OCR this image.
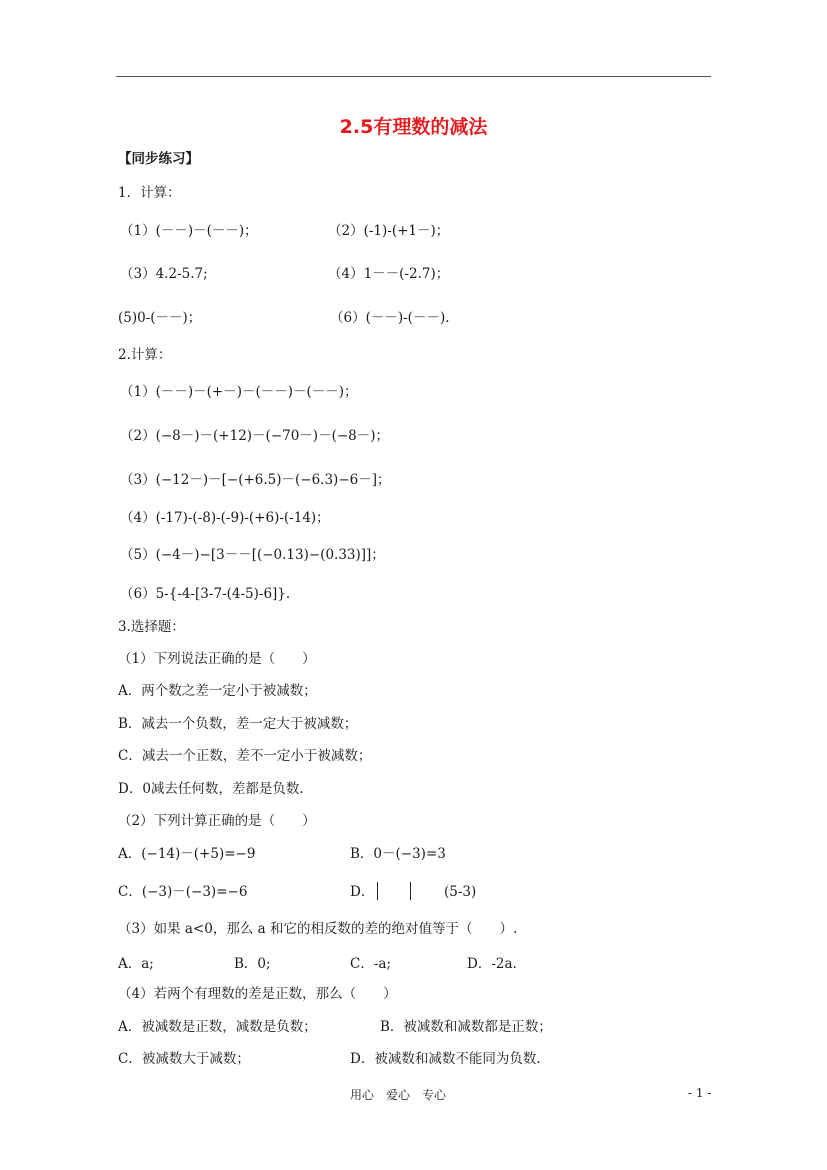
2.5有理数的减法
【同步练习】
1．计算：
（1）(－－)－(－－)；	（2）(-1)-(+1－)；
（3）4.2-5.7;	（4）1－－(-2.7)；
(5)0-(－－)；	（6）(－－)-(－－).
2.计算：
（1）(－－)－(+－)－(－－)－(－－)；
（2）(−8－)－(+12)－(−70－)－(−8－)；
（3）(−12－)－[−(+6.5)－(−6.3)−6－]；
（4）(-17)-(-8)-(-9)-(+6)-(-14)；
（5）(−4－)−[3－－[(−0.13)−(0.33)]]；
（6）5-{-4-[3-7-(4-5)-6]}.
3.选择题：
（1）下列说法正确的是（　　）
A．两个数之差一定小于被减数；
B．减去一个负数，差一定大于被减数；
C．减去一个正数，差不一定小于被减数；
D．0减去任何数，差都是负数.
（2）下列计算正确的是（　　）
A．(−14)－(+5)=−9	B．0－(−3)=3
C．(−3)－(−3)=−6	D．	(5-3)
（3）如果 a<0，那么 a 和它的相反数的差的绝对值等于（　　）.
A．a;	B．0;	C．-a;	D．-2a.
（4）若两个有理数的差是正数，那么（　　）
A．被减数是正数，减数是负数；	B．被减数和减数都是正数；
C．被减数大于减数；	D．被减数和减数不能同为负数.
用心　爱心　专心	- 1 -
